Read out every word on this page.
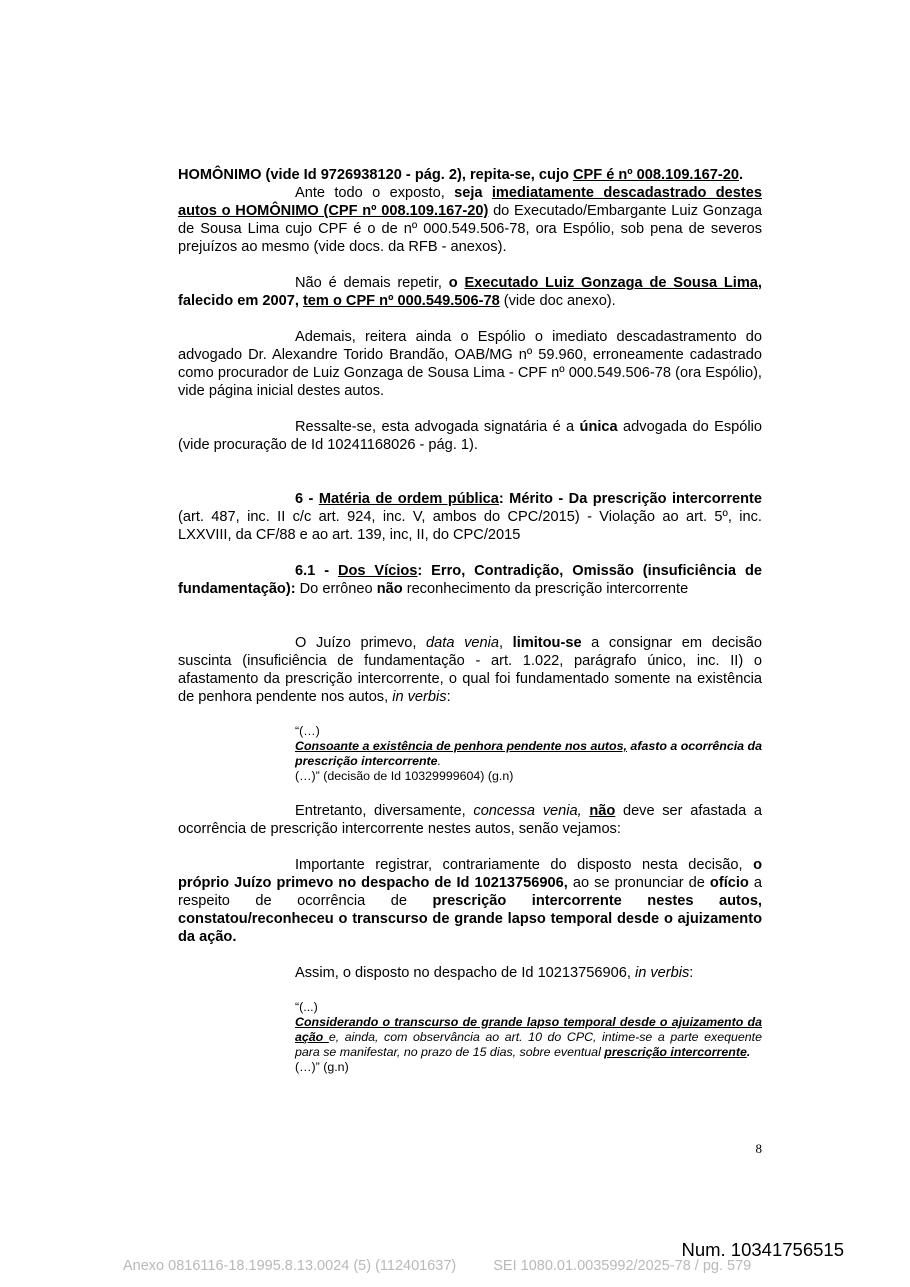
HOMÔNIMO (vide Id 9726938120 - pág. 2), repita-se, cujo CPF é nº 008.109.167-20.

Ante todo o exposto, seja imediatamente descadastrado destes autos o HOMÔNIMO (CPF nº 008.109.167-20) do Executado/Embargante Luiz Gonzaga de Sousa Lima cujo CPF é o de nº 000.549.506-78, ora Espólio, sob pena de severos prejuízos ao mesmo (vide docs. da RFB - anexos).

Não é demais repetir, o Executado Luiz Gonzaga de Sousa Lima, falecido em 2007, tem o CPF nº 000.549.506-78 (vide doc anexo).

Ademais, reitera ainda o Espólio o imediato descadastramento do advogado Dr. Alexandre Torido Brandão, OAB/MG nº 59.960, erroneamente cadastrado como procurador de Luiz Gonzaga de Sousa Lima - CPF nº 000.549.506-78 (ora Espólio), vide página inicial destes autos.

Ressalte-se, esta advogada signatária é a única advogada do Espólio (vide procuração de Id 10241168026 - pág. 1).

6 - Matéria de ordem pública: Mérito - Da prescrição intercorrente (art. 487, inc. II c/c art. 924, inc. V, ambos do CPC/2015) - Violação ao art. 5º, inc. LXXVIII, da CF/88 e ao art. 139, inc, II, do CPC/2015

6.1 - Dos Vícios: Erro, Contradição, Omissão (insuficiência de fundamentação): Do errôneo não reconhecimento da prescrição intercorrente

O Juízo primevo, data venia, limitou-se a consignar em decisão suscinta (insuficiência de fundamentação - art. 1.022, parágrafo único, inc. II) o afastamento da prescrição intercorrente, o qual foi fundamentado somente na existência de penhora pendente nos autos, in verbis:

“(…)

Consoante a existência de penhora pendente nos autos, afasto a ocorrência da prescrição intercorrente.

(…)” (decisão de Id 10329999604) (g.n)

Entretanto, diversamente, concessa venia, não deve ser afastada a ocorrência de prescrição intercorrente nestes autos, senão vejamos:

Importante registrar, contrariamente do disposto nesta decisão, o próprio Juízo primevo no despacho de Id 10213756906, ao se pronunciar de ofício a respeito de ocorrência de prescrição intercorrente nestes autos, constatou/reconheceu o transcurso de grande lapso temporal desde o ajuizamento da ação.

Assim, o disposto no despacho de Id 10213756906, in verbis:

“(...)

Considerando o transcurso de grande lapso temporal desde o ajuizamento da ação e, ainda, com observância ao art. 10 do CPC, intime-se a parte exequente para se manifestar, no prazo de 15 dias, sobre eventual prescrição intercorrente.

(…)” (g.n)

8
Num. 10341756515
Anexo 0816116-18.1995.8.13.0024 (5) (112401637)	SEI 1080.01.0035992/2025-78 / pg. 579
